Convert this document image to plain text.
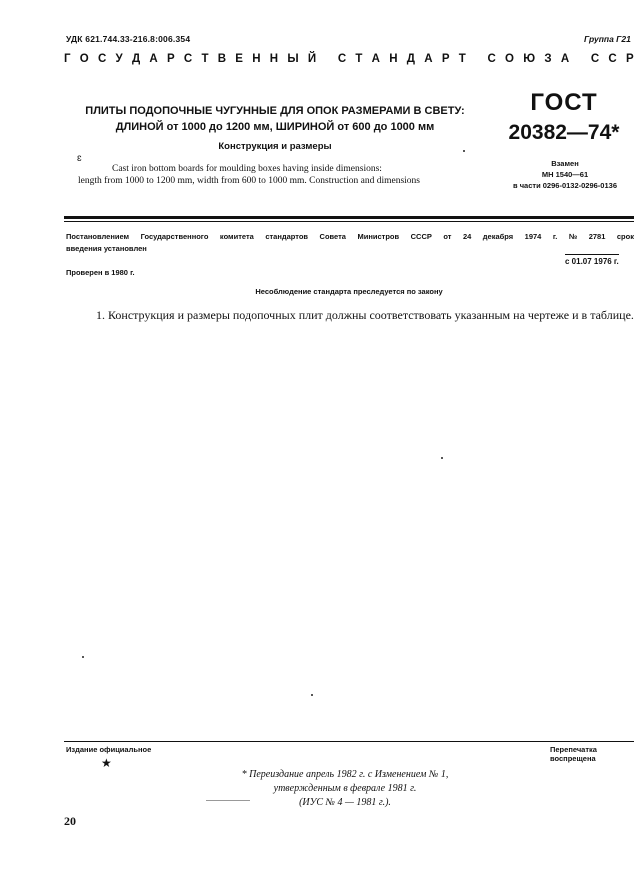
УДК 621.744.33-216.8:006.354	Группа Г21
Г О С У Д А Р С Т В Е Н Н Ы Й
С Т А Н Д А Р Т
С О Ю З А
С С Р
ПЛИТЫ ПОДОПОЧНЫЕ ЧУГУННЫЕ ДЛЯ ОПОК РАЗМЕРАМИ В СВЕТУ:
ДЛИНОЙ от 1000 до 1200 мм, ШИРИНОЙ от 600 до 1000 мм
Конструкция и размеры
ɛ
Cast iron bottom boards for moulding boxes having inside dimensions:
length from 1000 to 1200 mm, width from 600 to 1000 mm. Construction and dimensions
ГОСТ
20382—74*
Взамен
МН 1540—61
в части 0296-0132-0296-0136
Постановлением Государственного комитета стандартов Совета Министров СССР от 24 декабря 1974 г. № 2781 срок
введения установлен
с 01.07 1976 г.
Проверен в 1980 г.
Несоблюдение стандарта преследуется по закону
1. Конструкция и размеры подопочных плит должны соответствовать указанным на чертеже и в таблице.
Издание официальное	Перепечатка воспрещена
★
* Переиздание апрель 1982 г. с Изменением № 1,
утвержденным в феврале 1981 г.
(ИУС № 4 — 1981 г.).
20
